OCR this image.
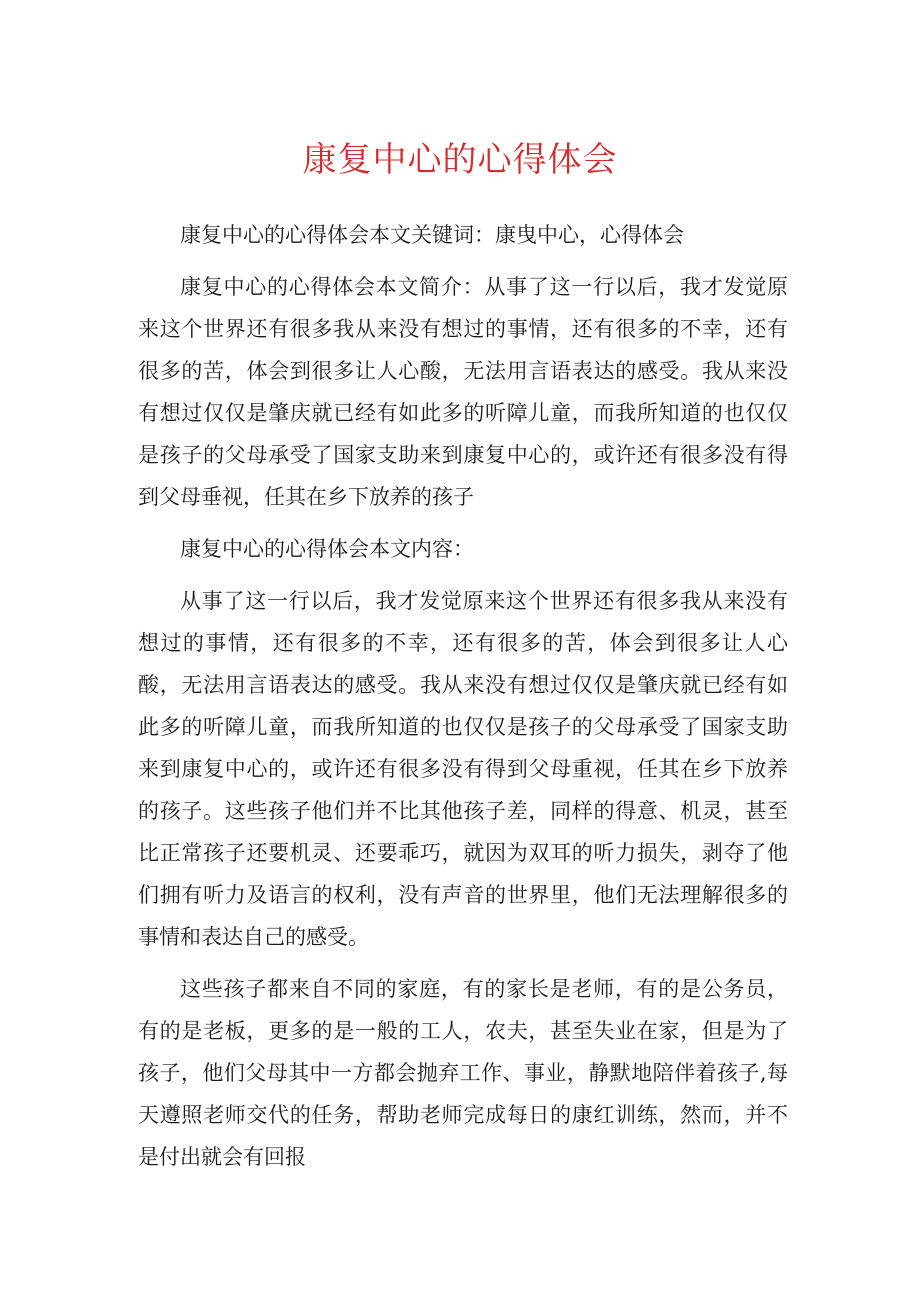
康复中心的心得体会

康复中心的心得体会本文关键词：康曳中心，心得体会

康复中心的心得体会本文简介：从事了这一行以后，我才发觉原来这个世界还有很多我从来没有想过的事情，还有很多的不幸，还有很多的苦，体会到很多让人心酸，无法用言语表达的感受。我从来没有想过仅仅是肇庆就已经有如此多的听障儿童，而我所知道的也仅仅是孩子的父母承受了国家支助来到康复中心的，或许还有很多没有得到父母垂视，任其在乡下放养的孩子

康复中心的心得体会本文内容：

从事了这一行以后，我才发觉原来这个世界还有很多我从来没有想过的事情，还有很多的不幸，还有很多的苦，体会到很多让人心酸，无法用言语表达的感受。我从来没有想过仅仅是肇庆就已经有如此多的听障儿童，而我所知道的也仅仅是孩子的父母承受了国家支助来到康复中心的，或许还有很多没有得到父母重视，任其在乡下放养的孩子。这些孩子他们并不比其他孩子差，同样的得意、机灵，甚至比正常孩子还要机灵、还要乖巧，就因为双耳的听力损失，剥夺了他们拥有听力及语言的权利，没有声音的世界里，他们无法理解很多的事情和表达自己的感受。

这些孩子都来自不同的家庭，有的家长是老师，有的是公务员，有的是老板，更多的是一般的工人，农夫，甚至失业在家，但是为了孩子，他们父母其中一方都会抛弃工作、事业，静默地陪伴着孩子,每天遵照老师交代的任务，帮助老师完成每日的康红训练，然而，并不是付出就会有回报
